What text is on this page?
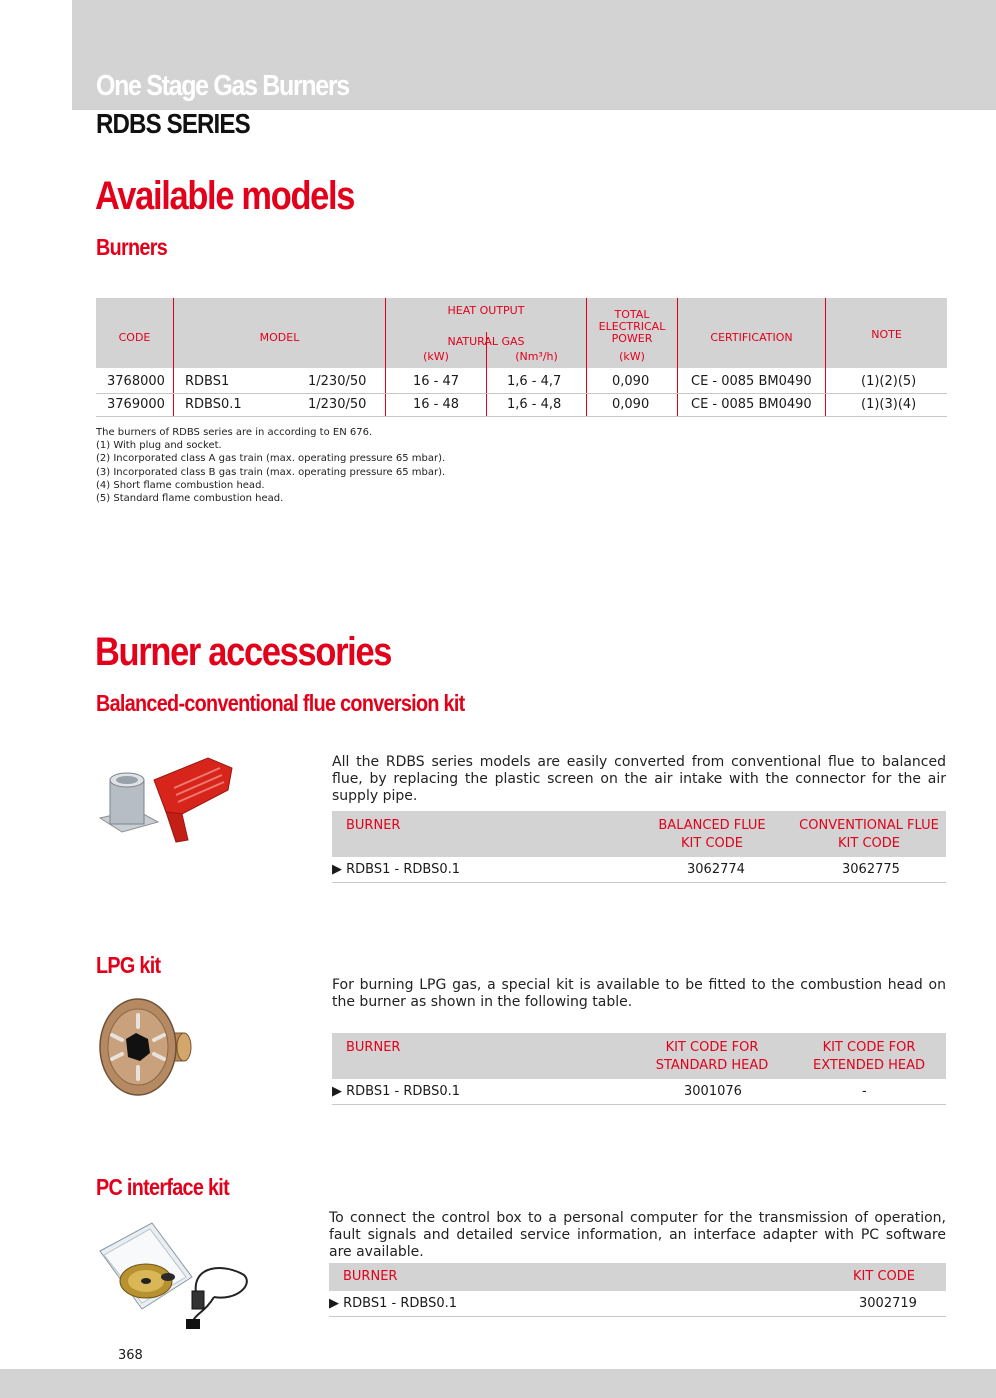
One Stage Gas Burners
RDBS SERIES
Available models
Burners
CODE	MODEL
HEAT OUTPUT
NATURAL GAS
(kW)	(Nm³/h)
TOTAL
ELECTRICAL
POWER
(kW)
CERTIFICATION	NOTE
3768000 RDBS1	1/230/50	16 - 47	1,6 - 4,7	0,090	CE - 0085 BM0490	(1)(2)(5)
3769000 RDBS0.1	1/230/50	16 - 48	1,6 - 4,8	0,090	CE - 0085 BM0490	(1)(3)(4)
The burners of RDBS series are in according to EN 676.
(1) With plug and socket.
(2) Incorporated class A gas train (max. operating pressure 65 mbar).
(3) Incorporated class B gas train (max. operating pressure 65 mbar).
(4) Short flame combustion head.
(5) Standard flame combustion head.
Burner accessories
Balanced-conventional flue conversion kit
All the RDBS series models are easily converted from conventional flue to balanced flue, by replacing the plastic screen on the air intake with the connector for the air supply pipe.
BURNER	BALANCED FLUE
KIT CODE
CONVENTIONAL FLUE
KIT CODE
▶ RDBS1 - RDBS0.1	3062774	3062775
LPG kit
For burning LPG gas, a special kit is available to be fitted to the combustion head on the burner as shown in the following table.
BURNER	KIT CODE FOR
STANDARD HEAD
KIT CODE FOR
EXTENDED HEAD
▶ RDBS1 - RDBS0.1	3001076	-
PC interface kit
To connect the control box to a personal computer for the transmission of operation, fault signals and detailed service information, an interface adapter with PC software are available.
BURNER	KIT CODE
▶ RDBS1 - RDBS0.1	3002719
368
